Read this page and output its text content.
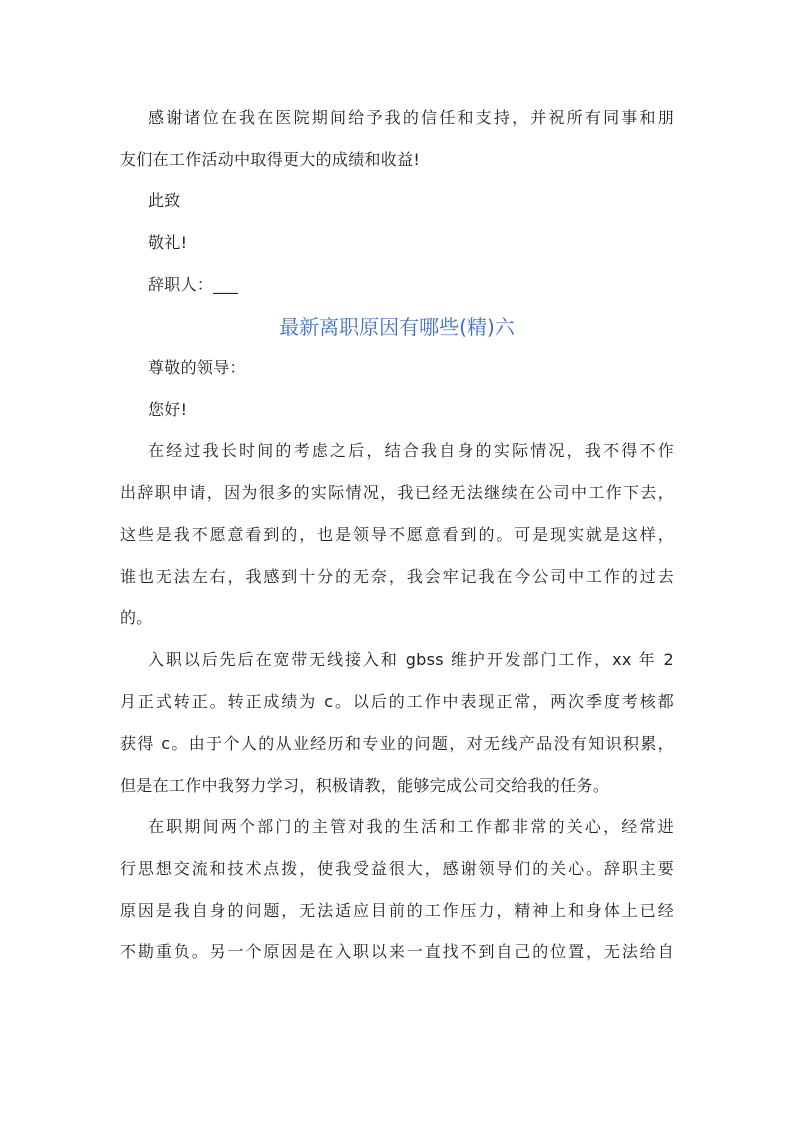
感谢诸位在我在医院期间给予我的信任和支持，并祝所有同事和朋
友们在工作活动中取得更大的成绩和收益!
此致
敬礼!
辞职人：___
最新离职原因有哪些(精)六
尊敬的领导：
您好!
在经过我长时间的考虑之后，结合我自身的实际情况，我不得不作
出辞职申请，因为很多的实际情况，我已经无法继续在公司中工作下去，
这些是我不愿意看到的，也是领导不愿意看到的。可是现实就是这样，
谁也无法左右，我感到十分的无奈，我会牢记我在今公司中工作的过去
的。
入职以后先后在宽带无线接入和 gbss 维护开发部门工作，xx 年 2
月正式转正。转正成绩为 c。以后的工作中表现正常，两次季度考核都
获得 c。由于个人的从业经历和专业的问题，对无线产品没有知识积累，
但是在工作中我努力学习，积极请教，能够完成公司交给我的任务。
在职期间两个部门的主管对我的生活和工作都非常的关心，经常进
行思想交流和技术点拨，使我受益很大，感谢领导们的关心。辞职主要
原因是我自身的问题，无法适应目前的工作压力，精神上和身体上已经
不勘重负。另一个原因是在入职以来一直找不到自己的位置，无法给自
